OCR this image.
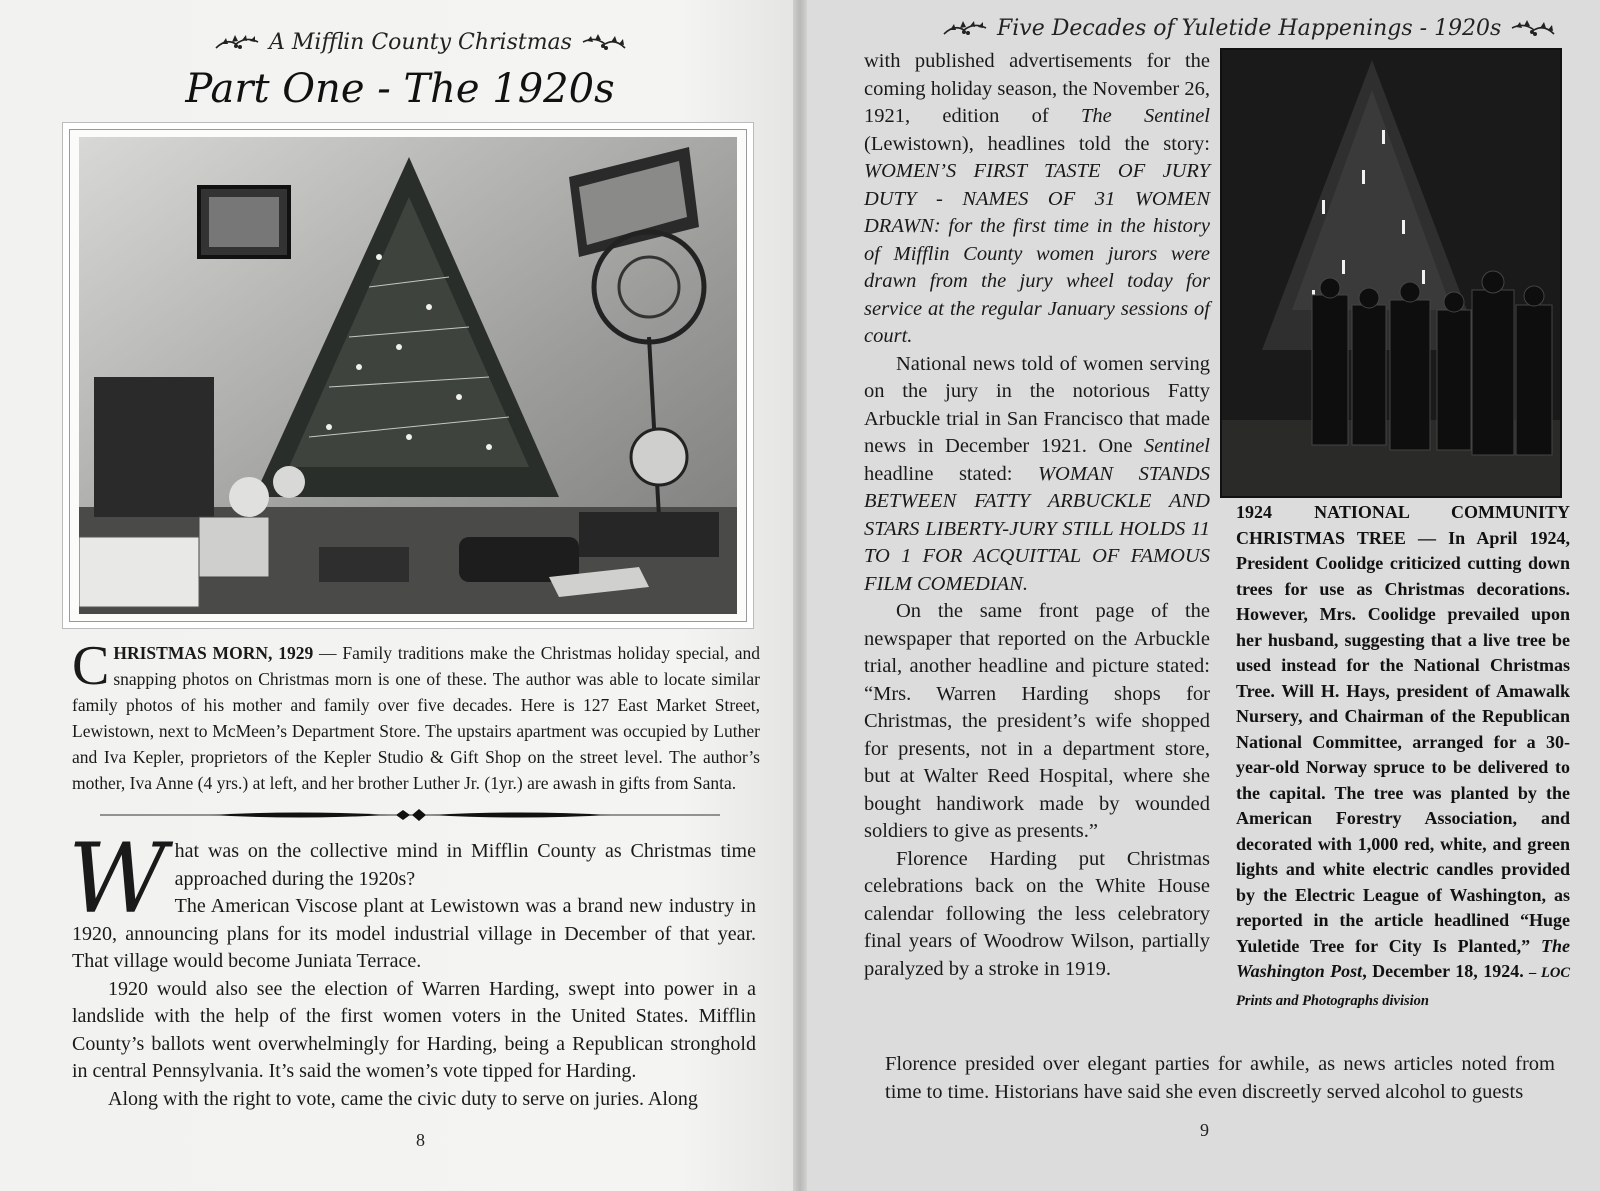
A Mifflin County Christmas
Part One - The 1920s
CHRISTMAS MORN, 1929 — Family traditions make the Christmas holiday special, and snapping photos on Christmas morn is one of these. The author was able to locate similar family photos of his mother and family over five decades. Here is 127 East Market Street, Lewistown, next to McMeen’s Department Store. The upstairs apartment was occupied by Luther and Iva Kepler, proprietors of the Kepler Studio & Gift Shop on the street level. The author’s mother, Iva Anne (4 yrs.) at left, and her brother Luther Jr. (1yr.) are awash in gifts from Santa.

What was on the collective mind in Mifflin County as Christmas time approached during the 1920s?

The American Viscose plant at Lewistown was a brand new industry in 1920, announcing plans for its model industrial village in December of that year. That village would become Juniata Terrace.

1920 would also see the election of Warren Harding, swept into power in a landslide with the help of the first women voters in the United States. Mifflin County’s ballots went overwhelmingly for Harding, being a Republican stronghold in central Pennsylvania. It’s said the women’s vote tipped for Harding.

Along with the right to vote, came the civic duty to serve on juries. Along

8
Five Decades of Yuletide Happenings - 1920s

with published advertisements for the coming holiday season, the November 26, 1921, edition of The Sentinel (Lewistown), headlines told the story: WOMEN’S FIRST TASTE OF JURY DUTY - NAMES OF 31 WOMEN DRAWN: for the first time in the history of Mifflin County women jurors were drawn from the jury wheel today for service at the regular January sessions of court.

National news told of women serving on the jury in the notorious Fatty Arbuckle trial in San Francisco that made news in December 1921. One Sentinel headline stated: WOMAN STANDS BETWEEN FATTY ARBUCKLE AND STARS LIBERTY-JURY STILL HOLDS 11 TO 1 FOR ACQUITTAL OF FAMOUS FILM COMEDIAN.

On the same front page of the newspaper that reported on the Arbuckle trial, another headline and picture stated: “Mrs. Warren Harding shops for Christmas, the president’s wife shopped for presents, not in a department store, but at Walter Reed Hospital, where she bought handiwork made by wounded soldiers to give as presents.”

Florence Harding put Christmas celebrations back on the White House calendar following the less celebratory final years of Woodrow Wilson, partially paralyzed by a stroke in 1919.

1924 NATIONAL COMMUNITY CHRISTMAS TREE — In April 1924, President Coolidge criticized cutting down trees for use as Christmas decorations. However, Mrs. Coolidge prevailed upon her husband, suggesting that a live tree be used instead for the National Christmas Tree. Will H. Hays, president of Amawalk Nursery, and Chairman of the Republican National Committee, arranged for a 30-year-old Norway spruce to be delivered to the capital. The tree was planted by the American Forestry Association, and decorated with 1,000 red, white, and green lights and white electric candles provided by the Electric League of Washington, as reported in the article headlined “Huge Yuletide Tree for City Is Planted,” The Washington Post, December 18, 1924. – LOC Prints and Photographs division
Florence presided over elegant parties for awhile, as news articles noted from time to time. Historians have said she even discreetly served alcohol to guests
9
